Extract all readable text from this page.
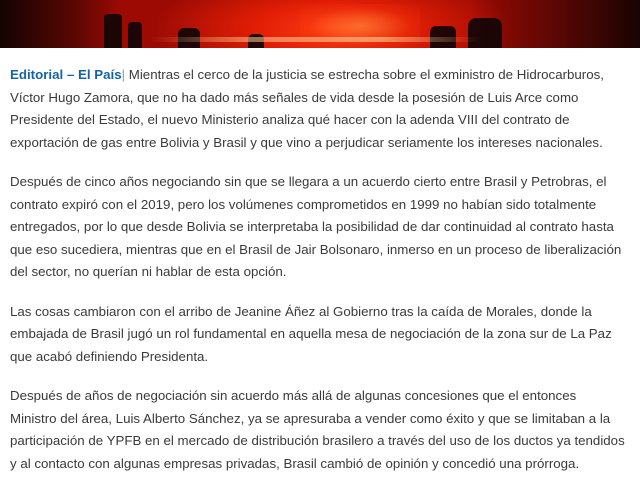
Editorial – El País| Mientras el cerco de la justicia se estrecha sobre el exministro de Hidrocarburos, Víctor Hugo Zamora, que no ha dado más señales de vida desde la posesión de Luis Arce como Presidente del Estado, el nuevo Ministerio analiza qué hacer con la adenda VIII del contrato de exportación de gas entre Bolivia y Brasil y que vino a perjudicar seriamente los intereses nacionales.

Después de cinco años negociando sin que se llegara a un acuerdo cierto entre Brasil y Petrobras, el contrato expiró con el 2019, pero los volúmenes comprometidos en 1999 no habían sido totalmente entregados, por lo que desde Bolivia se interpretaba la posibilidad de dar continuidad al contrato hasta que eso sucediera, mientras que en el Brasil de Jair Bolsonaro, inmerso en un proceso de liberalización del sector, no querían ni hablar de esta opción.

Las cosas cambiaron con el arribo de Jeanine Áñez al Gobierno tras la caída de Morales, donde la embajada de Brasil jugó un rol fundamental en aquella mesa de negociación de la zona sur de La Paz que acabó definiendo Presidenta.

Después de años de negociación sin acuerdo más allá de algunas concesiones que el entonces Ministro del área, Luis Alberto Sánchez, ya se apresuraba a vender como éxito y que se limitaban a la participación de YPFB en el mercado de distribución brasilero a través del uso de los ductos ya tendidos y al contacto con algunas empresas privadas, Brasil cambió de opinión y concedió una prórroga.
